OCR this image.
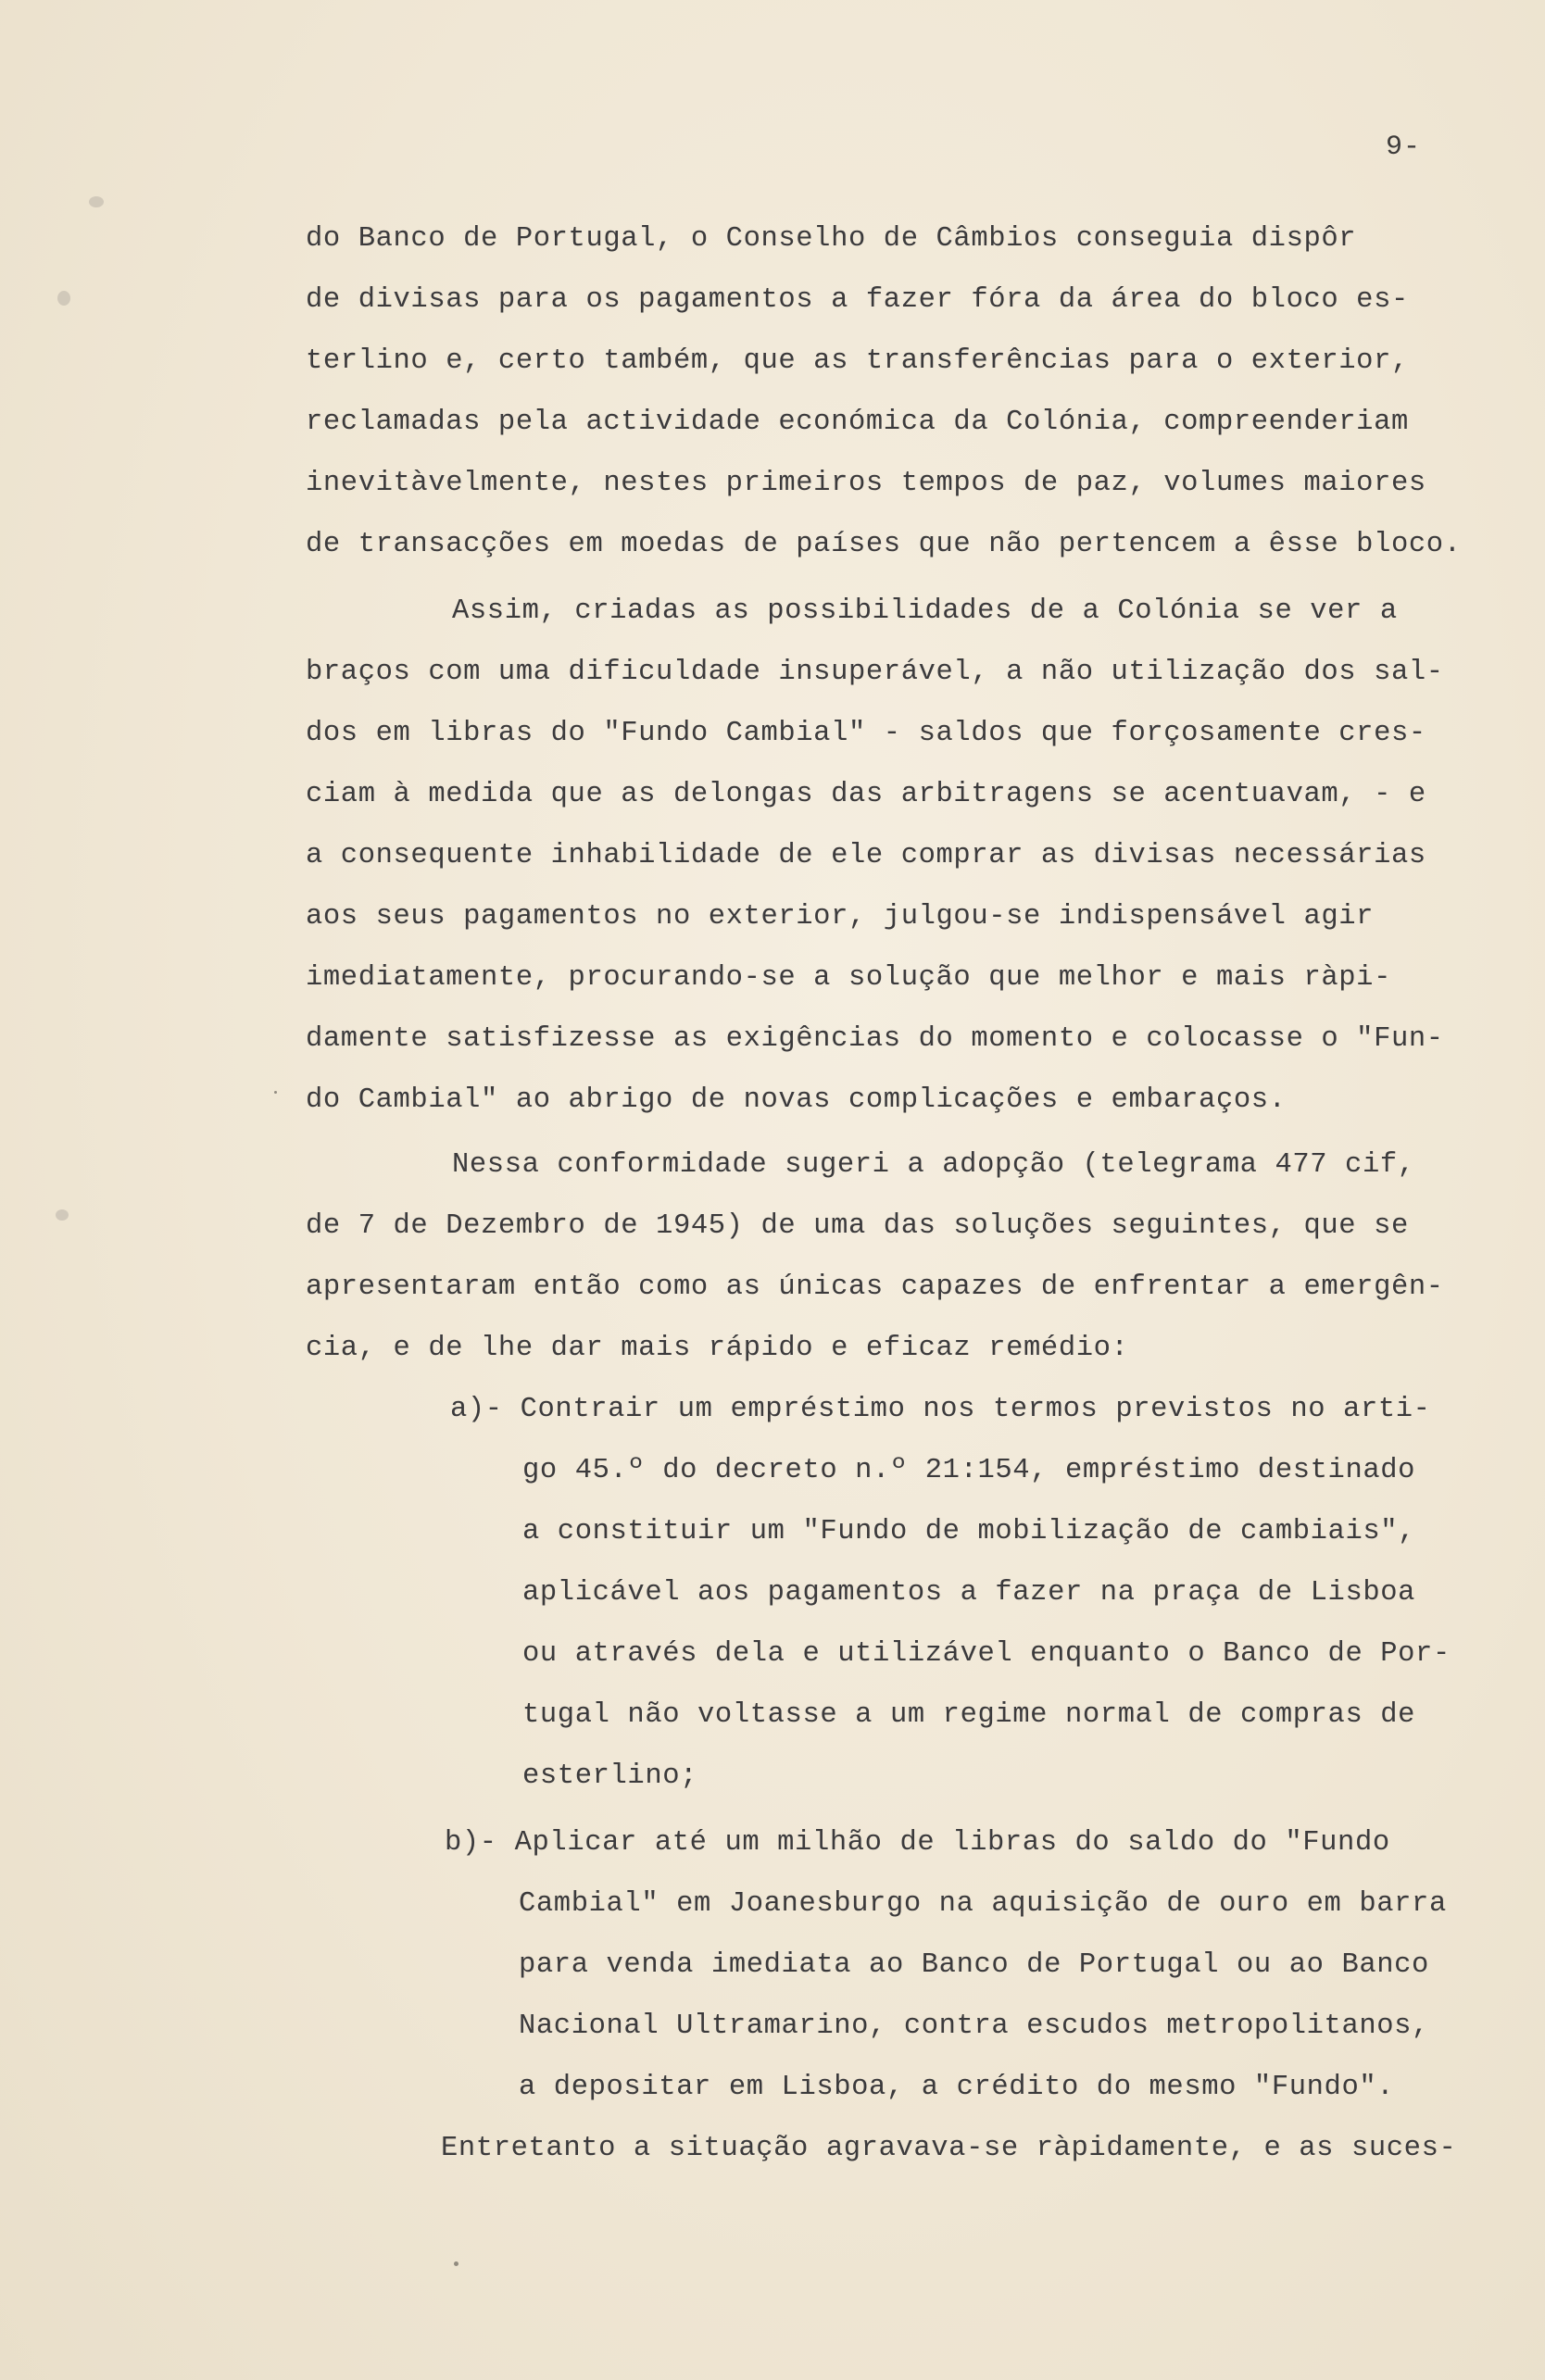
9-
do Banco de Portugal, o Conselho de Câmbios conseguia dispôr
de divisas para os pagamentos a fazer fóra da área do bloco es-
terlino e, certo também, que as transferências para o exterior,
reclamadas pela actividade económica da Colónia, compreenderiam
inevitàvelmente, nestes primeiros tempos de paz, volumes maiores
de transacções em moedas de países que não pertencem a êsse bloco.
Assim, criadas as possibilidades de a Colónia se ver a
braços com uma dificuldade insuperável, a não utilização dos sal-
dos em libras do "Fundo Cambial" - saldos que forçosamente cres-
ciam à medida que as delongas das arbitragens se acentuavam, - e
a consequente inhabilidade de ele comprar as divisas necessárias
aos seus pagamentos no exterior, julgou-se indispensável agir
imediatamente, procurando-se a solução que melhor e mais ràpi-
damente satisfizesse as exigências do momento e colocasse o "Fun-
do Cambial" ao abrigo de novas complicações e embaraços.
Nessa conformidade sugeri a adopção (telegrama 477 cif,
de 7 de Dezembro de 1945) de uma das soluções seguintes, que se
apresentaram então como as únicas capazes de enfrentar a emergên-
cia, e de lhe dar mais rápido e eficaz remédio:
a)- Contrair um empréstimo nos termos previstos no arti-
go 45.º do decreto n.º 21:154, empréstimo destinado
a constituir um "Fundo de mobilização de cambiais",
aplicável aos pagamentos a fazer na praça de Lisboa
ou através dela e utilizável enquanto o Banco de Por-
tugal não voltasse a um regime normal de compras de
esterlino;
b)- Aplicar até um milhão de libras do saldo do "Fundo
Cambial" em Joanesburgo na aquisição de ouro em barra
para venda imediata ao Banco de Portugal ou ao Banco
Nacional Ultramarino, contra escudos metropolitanos,
a depositar em Lisboa, a crédito do mesmo "Fundo".
Entretanto a situação agravava-se ràpidamente, e as suces-
